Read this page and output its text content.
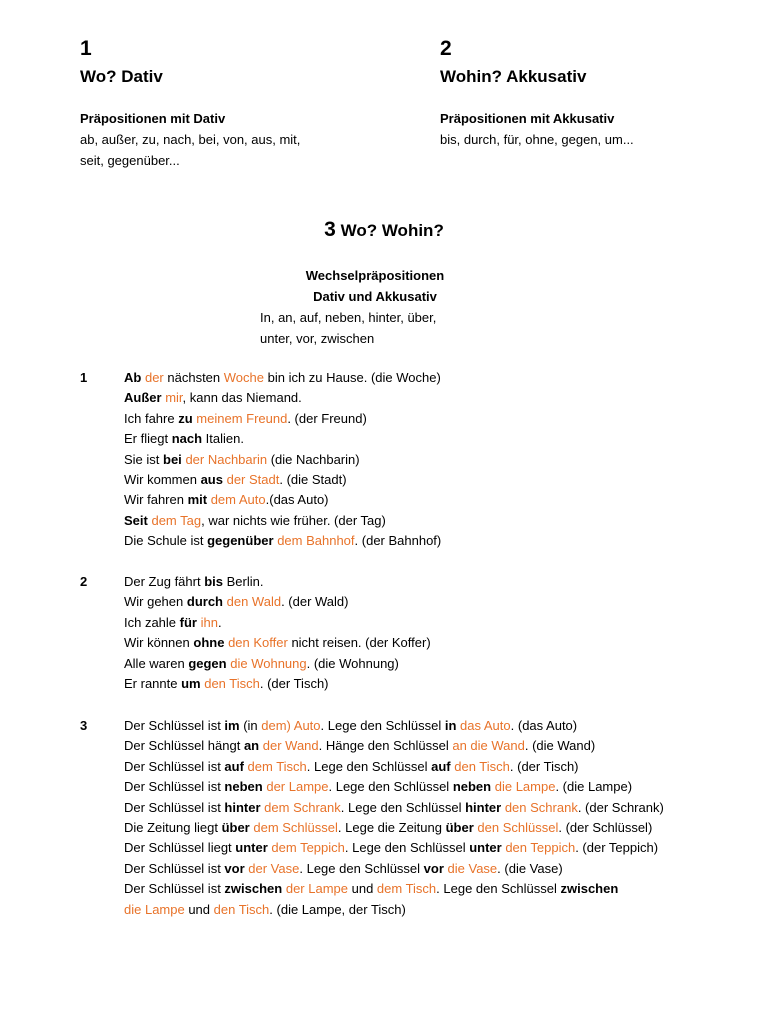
1
Wo? Dativ
Präpositionen mit Dativ
ab, außer, zu, nach, bei, von, aus, mit,
seit, gegenüber...
2
Wohin? Akkusativ
Präpositionen mit Akkusativ
bis, durch, für, ohne, gegen, um...
3 Wo? Wohin?
Wechselpräpositionen
Dativ und Akkusativ
In, an, auf, neben, hinter, über,
unter, vor, zwischen
1	Ab der nächsten Woche bin ich zu Hause. (die Woche)
Außer mir, kann das Niemand.
Ich fahre zu meinem Freund. (der Freund)
Er fliegt nach Italien.
Sie ist bei der Nachbarin (die Nachbarin)
Wir kommen aus der Stadt. (die Stadt)
Wir fahren mit dem Auto.(das Auto)
Seit dem Tag, war nichts wie früher. (der Tag)
Die Schule ist gegenüber dem Bahnhof. (der Bahnhof)
2	Der Zug fährt bis Berlin.
Wir gehen durch den Wald. (der Wald)
Ich zahle für ihn.
Wir können ohne den Koffer nicht reisen. (der Koffer)
Alle waren gegen die Wohnung. (die Wohnung)
Er rannte um den Tisch. (der Tisch)
3	Der Schlüssel ist im (in dem) Auto. Lege den Schlüssel in das Auto. (das Auto)
Der Schlüssel hängt an der Wand. Hänge den Schlüssel an die Wand. (die Wand)
Der Schlüssel ist auf dem Tisch. Lege den Schlüssel auf den Tisch. (der Tisch)
Der Schlüssel ist neben der Lampe. Lege den Schlüssel neben die Lampe. (die Lampe)
Der Schlüssel ist hinter dem Schrank. Lege den Schlüssel hinter den Schrank. (der Schrank)
Die Zeitung liegt über dem Schlüssel. Lege die Zeitung über den Schlüssel. (der Schlüssel)
Der Schlüssel liegt unter dem Teppich. Lege den Schlüssel unter den Teppich. (der Teppich)
Der Schlüssel ist vor der Vase. Lege den Schlüssel vor die Vase. (die Vase)
Der Schlüssel ist zwischen der Lampe und dem Tisch. Lege den Schlüssel zwischen
die Lampe und den Tisch. (die Lampe, der Tisch)
